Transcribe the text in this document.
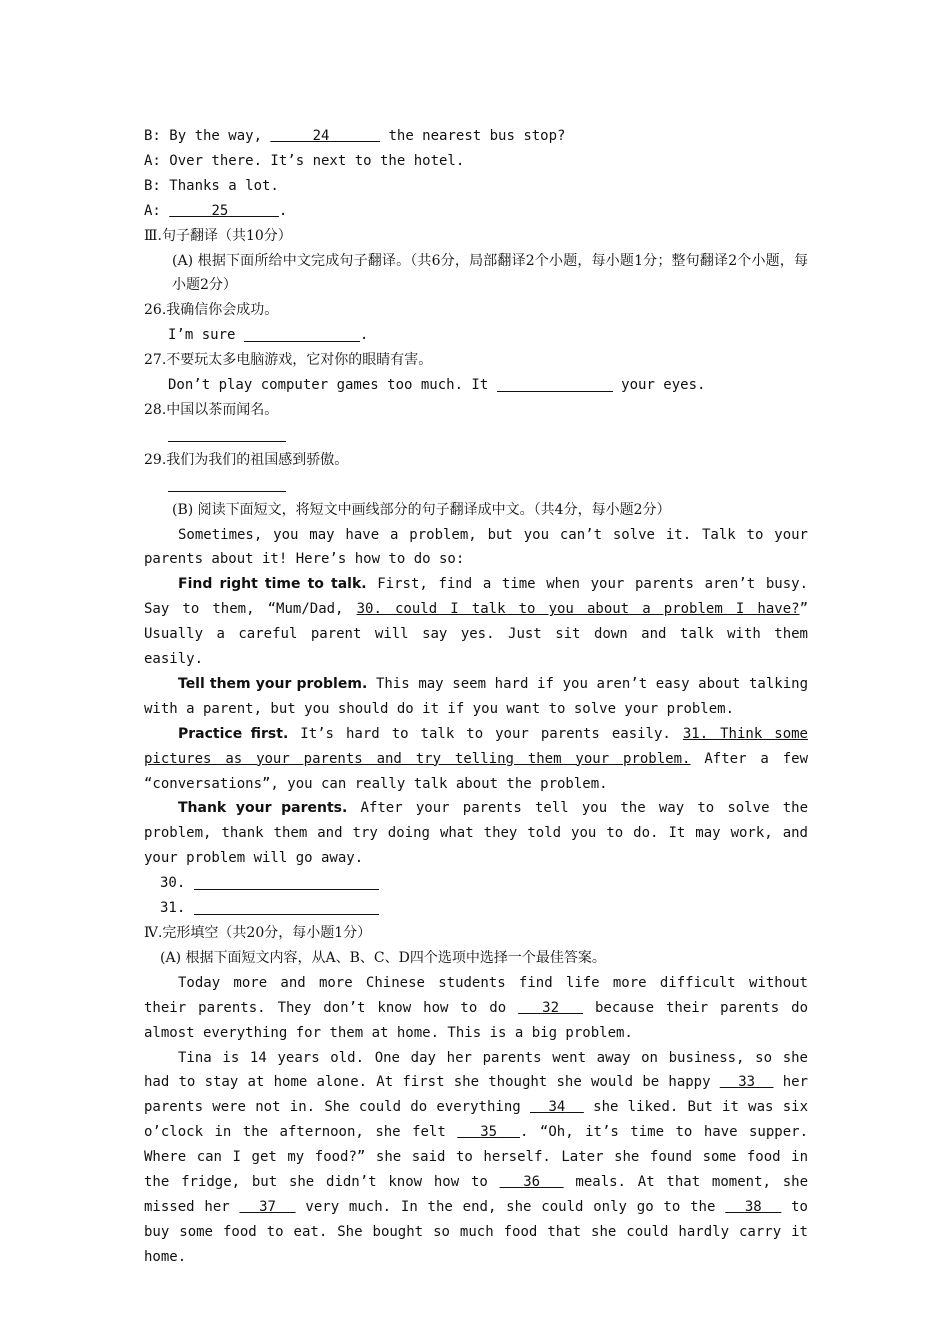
B: By the way,	24	the nearest bus stop?

A: Over there. It’s next to the hotel.

B: Thanks a lot.

A:	25	.

Ⅲ.句子翻译（共10分）

(A) 根据下面所给中文完成句子翻译。（共6分，局部翻译2个小题，每小题1分；整句翻译2个小题，每小题2分）

26.我确信你会成功。

I’m sure	.

27.不要玩太多电脑游戏，它对你的眼睛有害。

Don’t play computer games too much. It	your eyes.

28.中国以茶而闻名。

29.我们为我们的祖国感到骄傲。

(B) 阅读下面短文，将短文中画线部分的句子翻译成中文。（共4分，每小题2分）

Sometimes, you may have a problem, but you can’t solve it. Talk to your parents about it! Here’s how to do so:

Find right time to talk. First, find a time when your parents aren’t busy. Say to them, “Mum/Dad, 30. could I talk to you about a problem I have?” Usually a careful parent will say yes. Just sit down and talk with them easily.

Tell them your problem. This may seem hard if you aren’t easy about talking with a parent, but you should do it if you want to solve your problem.

Practice first. It’s hard to talk to your parents easily. 31. Think some pictures as your parents and try telling them your problem. After a few “conversations”, you can really talk about the problem.

Thank your parents. After your parents tell you the way to solve the problem, thank them and try doing what they told you to do. It may work, and your problem will go away.

30.

31.

Ⅳ.完形填空（共20分，每小题1分）

(A) 根据下面短文内容，从A、B、C、D四个选项中选择一个最佳答案。

Today more and more Chinese students find life more difficult without their parents. They don’t know how to do   32   because their parents do almost everything for them at home. This is a big problem.

Tina is 14 years old. One day her parents went away on business, so she had to stay at home alone. At first she thought she would be happy   33   her parents were not in. She could do everything   34   she liked. But it was six o’clock in the afternoon, she felt   35 . “Oh, it’s time to have supper. Where can I get my food?” she said to herself. Later she found some food in the fridge, but she didn’t know how to   36   meals. At that moment, she missed her   37   very much. In the end, she could only go to the   38   to buy some food to eat. She bought so much food that she could hardly carry it home.
